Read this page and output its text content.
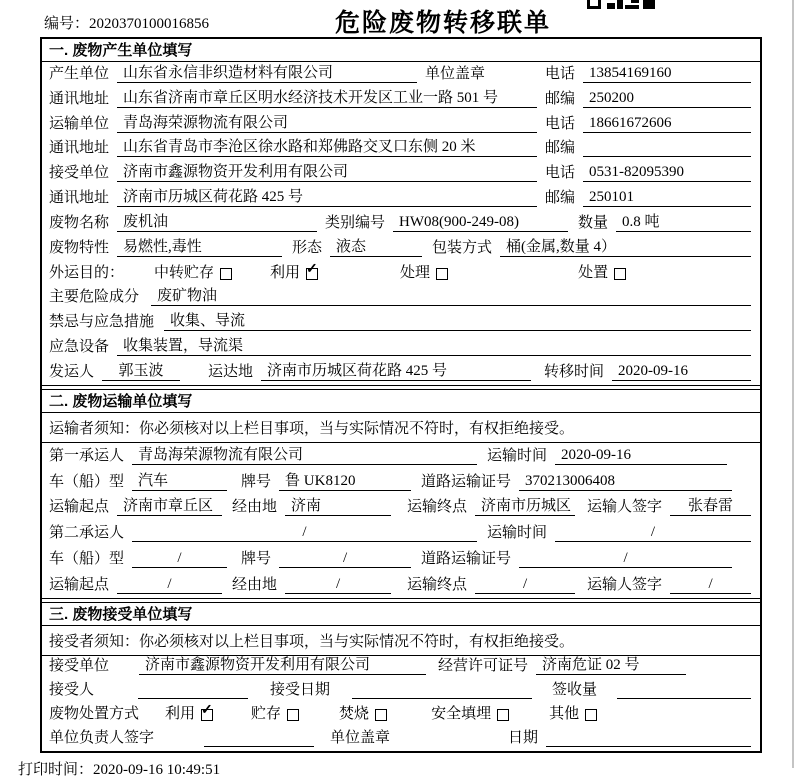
编号：2020370100016856	危险废物转移联单
一. 废物产生单位填写
产生单位 山东省永信非织造材料有限公司	单位盖章	电话 13854169160
通讯地址 山东省济南市章丘区明水经济技术开发区工业一路 501 号	邮编 250200
运输单位 青岛海荣源物流有限公司	电话 18661672606
通讯地址 山东省青岛市李沧区徐水路和郑佛路交叉口东侧 20 米	邮编
接受单位 济南市鑫源物资开发利用有限公司	电话 0531-82095390
通讯地址 济南市历城区荷花路 425 号	邮编 250101
废物名称 废机油	类别编号 HW08(900-249-08)	数量 0.8 吨
废物特性 易燃性,毒性	形态 液态	包装方式 桶(金属,数量 4）
外运目的： 中转贮存	利用 ✓	处理	处置
主要危险成分	废矿物油
禁忌与应急措施	收集、导流
应急设备 收集装置，导流渠
发运人	郭玉波	运达地 济南市历城区荷花路 425 号	转移时间 2020-09-16
二. 废物运输单位填写
运输者须知：你必须核对以上栏目事项，当与实际情况不符时，有权拒绝接受。
第一承运人 青岛海荣源物流有限公司	运输时间 2020-09-16
车（船）型 汽车	牌号 鲁 UK8120	道路运输证号 370213006408
运输起点 济南市章丘区	经由地 济南	运输终点 济南市历城区 运输人签字	张春雷
第二承运人	/	运输时间	/
车（船）型	/	牌号	/	道路运输证号	/
运输起点	/	经由地	/	运输终点	/	运输人签字	/
三. 废物接受单位填写
接受者须知：你必须核对以上栏目事项，当与实际情况不符时，有权拒绝接受。
接受单位	济南市鑫源物资开发利用有限公司	经营许可证号 济南危证 02 号
接受人	接受日期	签收量
废物处置方式 利用 ✓	贮存	焚烧	安全填埋	其他
单位负责人签字	单位盖章	日期
打印时间：2020-09-16 10:49:51
